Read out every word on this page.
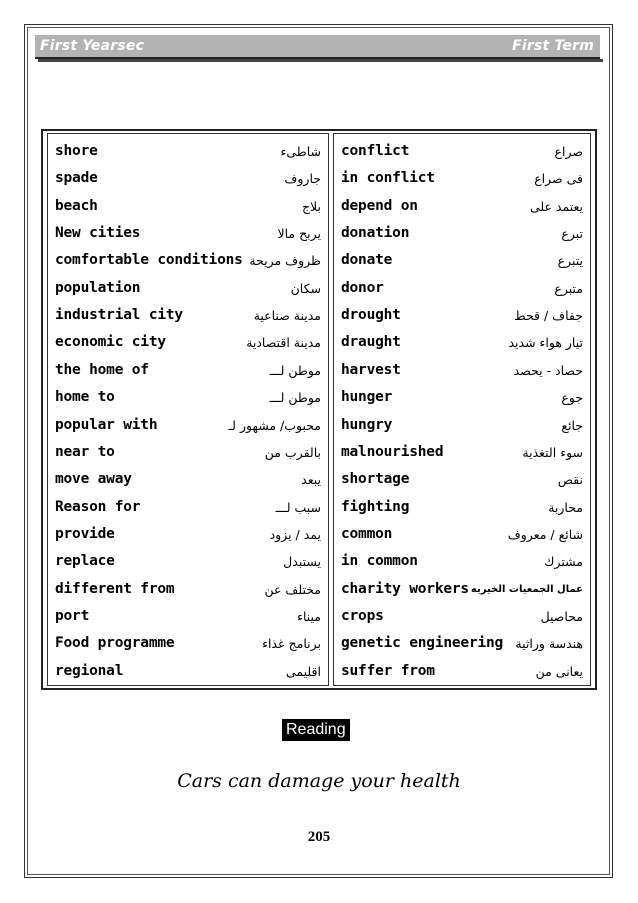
First Yearsec	First Term
shore	شاطىء
spade	جاروف
beach	بلاج
New cities	يربح مالا
comfortable conditions ظروف مريحة
population	سكان
industrial city	مدينة صناعية
economic city	مدينة اقتصادية
the home of	موطن لـــ
home to	موطن لـــ
popular with	محبوب/ مشهور لـ
near to	بالقرب من
move away	يبعد
Reason for	سبب لـــ
provide	يمد / يزود
replace	يستبدل
different from	مختلف عن
port	ميناء
Food programme	برنامج غذاء
regional	اقليمى
conflict	صراع
in conflict	فى صراع
depend on	يعتمد على
donation	تبرع
donate	يتبرع
donor	متبرع
drought	جفاف / قحط
draught	تيار هواء شديد
harvest	حصاد - يحصد
hunger	جوع
hungry	جائع
malnourished	سوء التغذية
shortage	نقص
fighting	محاربة
common	شائع / معروف
in common	مشترك
charity workers عمال الجمعيات الخيريه
crops	محاصيل
genetic engineering هندسة وراثية
suffer from	يعانى من
Reading
Cars can damage your health
205
